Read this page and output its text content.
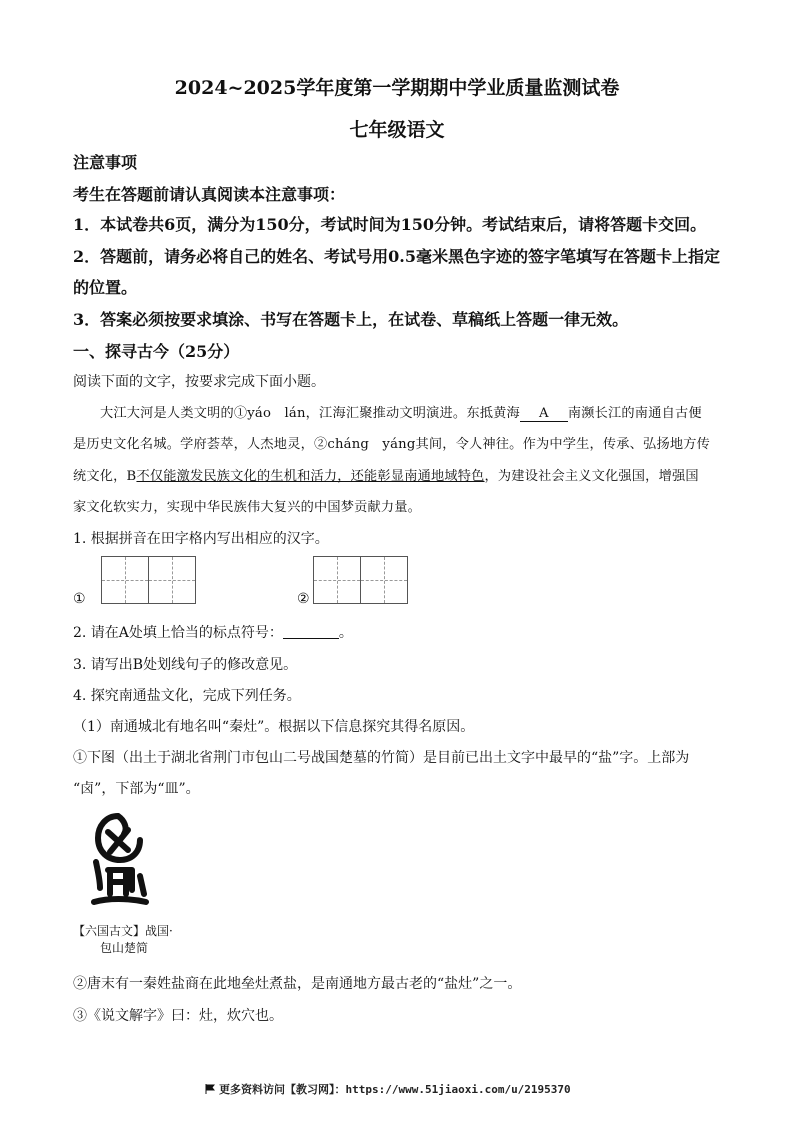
2024~2025学年度第一学期期中学业质量监测试卷
七年级语文
注意事项
考生在答题前请认真阅读本注意事项：
1．本试卷共6页，满分为150分，考试时间为150分钟。考试结束后，请将答题卡交回。
2．答题前，请务必将自己的姓名、考试号用0.5毫米黑色字迹的签字笔填写在答题卡上指定
的位置。
3．答案必须按要求填涂、书写在答题卡上，在试卷、草稿纸上答题一律无效。
一、探寻古今（25分）
阅读下面的文字，按要求完成下面小题。
大江大河是人类文明的①yáo　lán，江海汇聚推动文明演进。东抵黄海 A 南濒长江的南通自古便
是历史文化名城。学府荟萃，人杰地灵，②cháng　yáng其间，令人神往。作为中学生，传承、弘扬地方传
统文化，B不仅能激发民族文化的生机和活力，还能彰显南通地域特色，为建设社会主义文化强国，增强国
家文化软实力，实现中华民族伟大复兴的中国梦贡献力量。
1. 根据拼音在田字格内写出相应的汉字。
①	②
2. 请在A处填上恰当的标点符号：	。
3. 请写出B处划线句子的修改意见。
4. 探究南通盐文化，完成下列任务。
（1）南通城北有地名叫“秦灶”。根据以下信息探究其得名原因。
①下图（出土于湖北省荆门市包山二号战国楚墓的竹简）是目前已出土文字中最早的“盐”字。上部为
“卤”，下部为“皿”。
【六国古文】战国·
包山楚简
②唐末有一秦姓盐商在此地垒灶煮盐，是南通地方最古老的“盐灶”之一。
③《说文解字》曰：灶，炊穴也。
更多资料访问【教习网】：https://www.51jiaoxi.com/u/2195370
